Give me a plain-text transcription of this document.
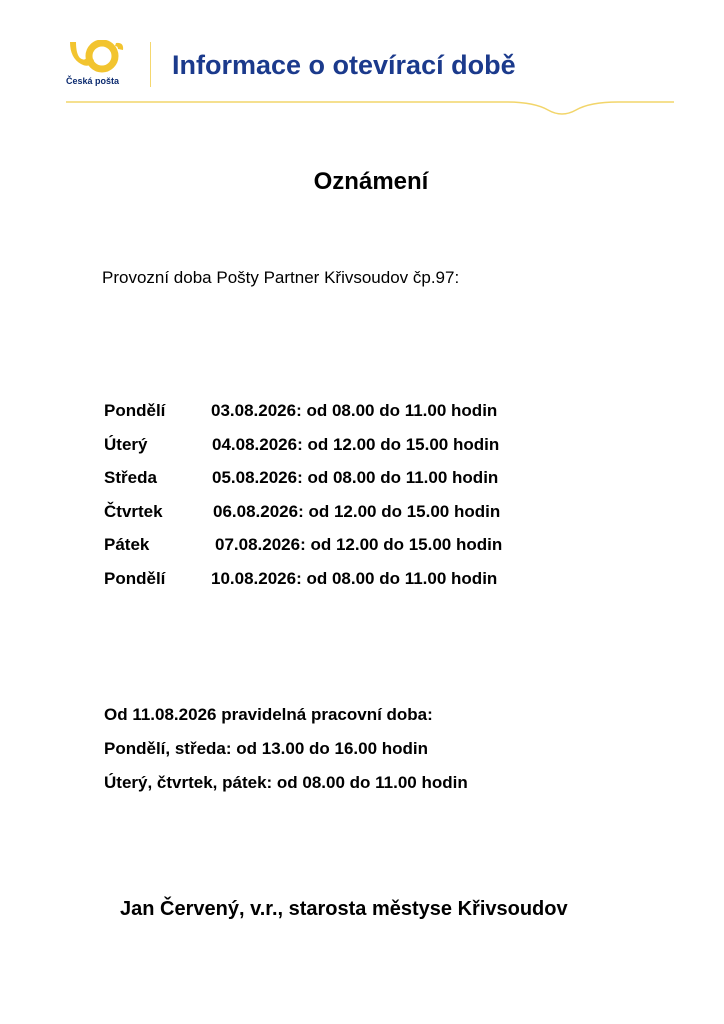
Česká pošta
Informace o otevírací době
Oznámení
Provozní doba Pošty Partner Křivsoudov čp.97:
Pondělí	03.08.2026: od 08.00 do 11.00 hodin
Úterý	04.08.2026: od 12.00 do 15.00 hodin
Středa	05.08.2026: od 08.00 do 11.00 hodin
Čtvrtek	06.08.2026: od 12.00 do 15.00 hodin
Pátek	07.08.2026: od 12.00 do 15.00 hodin
Pondělí	10.08.2026: od 08.00 do 11.00 hodin
Od 11.08.2026 pravidelná pracovní doba:
Pondělí, středa: od 13.00 do 16.00 hodin
Úterý, čtvrtek, pátek: od 08.00 do 11.00 hodin
Jan Červený, v.r., starosta městyse Křivsoudov
